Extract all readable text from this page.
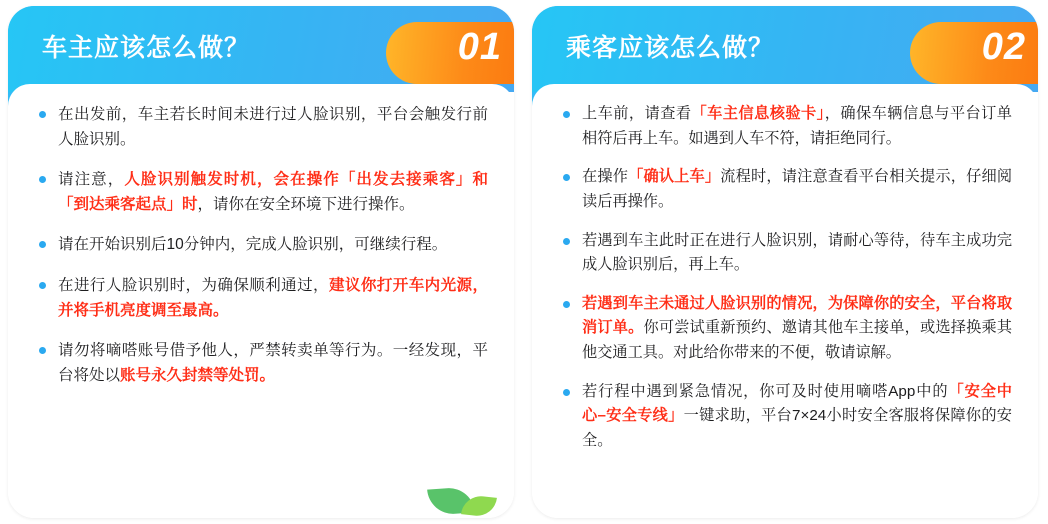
车主应该怎么做？	01
在出发前，车主若长时间未进行过人脸识别，平台会触发行前人脸识别。
请注意，人脸识别触发时机，会在操作「出发去接乘客」和「到达乘客起点」时，请你在安全环境下进行操作。
请在开始识别后10分钟内，完成人脸识别，可继续行程。
在进行人脸识别时，为确保顺利通过，建议你打开车内光源，并将手机亮度调至最高。
请勿将嘀嗒账号借予他人，严禁转卖单等行为。一经发现，平台将处以账号永久封禁等处罚。
乘客应该怎么做？	02
上车前，请查看「车主信息核验卡」，确保车辆信息与平台订单相符后再上车。如遇到人车不符，请拒绝同行。
在操作「确认上车」流程时，请注意查看平台相关提示，仔细阅读后再操作。
若遇到车主此时正在进行人脸识别，请耐心等待，待车主成功完成人脸识别后，再上车。
若遇到车主未通过人脸识别的情况，为保障你的安全，平台将取消订单。你可尝试重新预约、邀请其他车主接单，或选择换乘其他交通工具。对此给你带来的不便，敬请谅解。
若行程中遇到紧急情况，你可及时使用嘀嗒App中的「安全中心–安全专线」一键求助，平台7×24小时安全客服将保障你的安全。
